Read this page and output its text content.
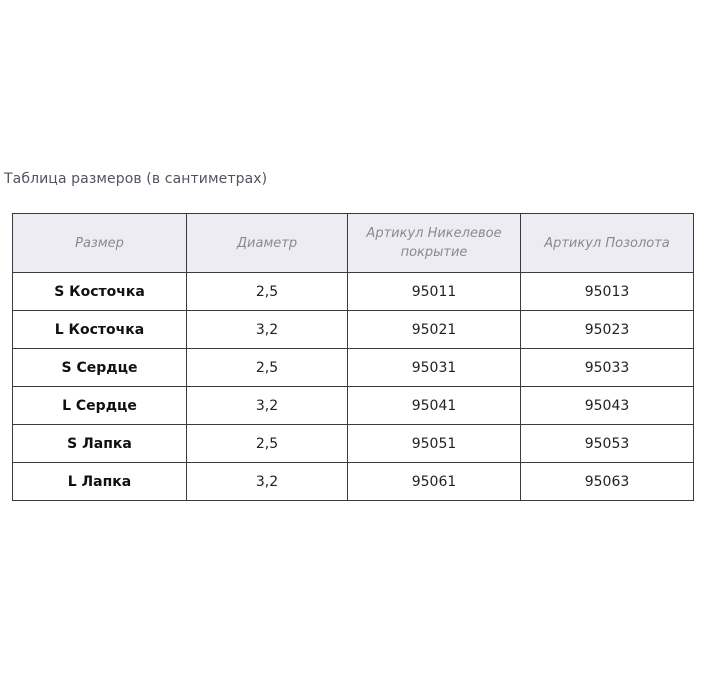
Таблица размеров (в сантиметрах)
Размер	Диаметр	Артикул Никелевое покрытие	Артикул Позолота
S Косточка	2,5	95011	95013
L Косточка	3,2	95021	95023
S Сердце	2,5	95031	95033
L Сердце	3,2	95041	95043
S Лапка	2,5	95051	95053
L Лапка	3,2	95061	95063
